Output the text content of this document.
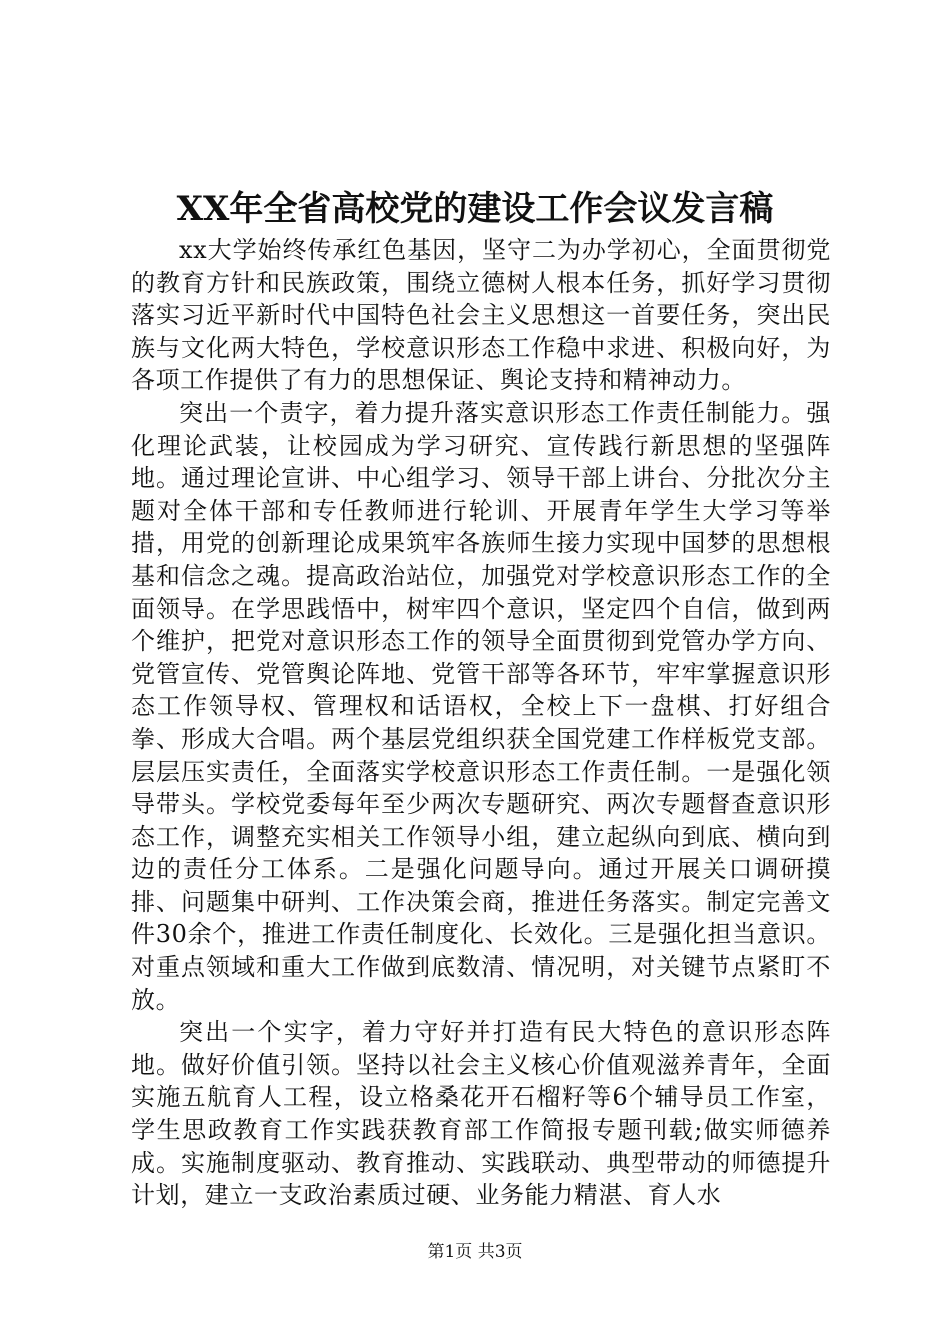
XX年全省高校党的建设工作会议发言稿

xx大学始终传承红色基因，坚守二为办学初心，全面贯彻党的教育方针和民族政策，围绕立德树人根本任务，抓好学习贯彻落实习近平新时代中国特色社会主义思想这一首要任务，突出民族与文化两大特色，学校意识形态工作稳中求进、积极向好，为各项工作提供了有力的思想保证、舆论支持和精神动力。

突出一个责字，着力提升落实意识形态工作责任制能力。强化理论武装，让校园成为学习研究、宣传践行新思想的坚强阵地。通过理论宣讲、中心组学习、领导干部上讲台、分批次分主题对全体干部和专任教师进行轮训、开展青年学生大学习等举措，用党的创新理论成果筑牢各族师生接力实现中国梦的思想根基和信念之魂。提高政治站位，加强党对学校意识形态工作的全面领导。在学思践悟中，树牢四个意识，坚定四个自信，做到两个维护，把党对意识形态工作的领导全面贯彻到党管办学方向、党管宣传、党管舆论阵地、党管干部等各环节，牢牢掌握意识形态工作领导权、管理权和话语权，全校上下一盘棋、打好组合拳、形成大合唱。两个基层党组织获全国党建工作样板党支部。层层压实责任，全面落实学校意识形态工作责任制。一是强化领导带头。学校党委每年至少两次专题研究、两次专题督查意识形态工作，调整充实相关工作领导小组，建立起纵向到底、横向到边的责任分工体系。二是强化问题导向。通过开展关口调研摸排、问题集中研判、工作决策会商，推进任务落实。制定完善文件30余个，推进工作责任制度化、长效化。三是强化担当意识。对重点领域和重大工作做到底数清、情况明，对关键节点紧盯不放。

突出一个实字，着力守好并打造有民大特色的意识形态阵地。做好价值引领。坚持以社会主义核心价值观滋养青年，全面实施五航育人工程，设立格桑花开石榴籽等6个辅导员工作室，学生思政教育工作实践获教育部工作简报专题刊载;做实师德养成。实施制度驱动、教育推动、实践联动、典型带动的师德提升计划，建立一支政治素质过硬、业务能力精湛、育人水

第1页 共3页
